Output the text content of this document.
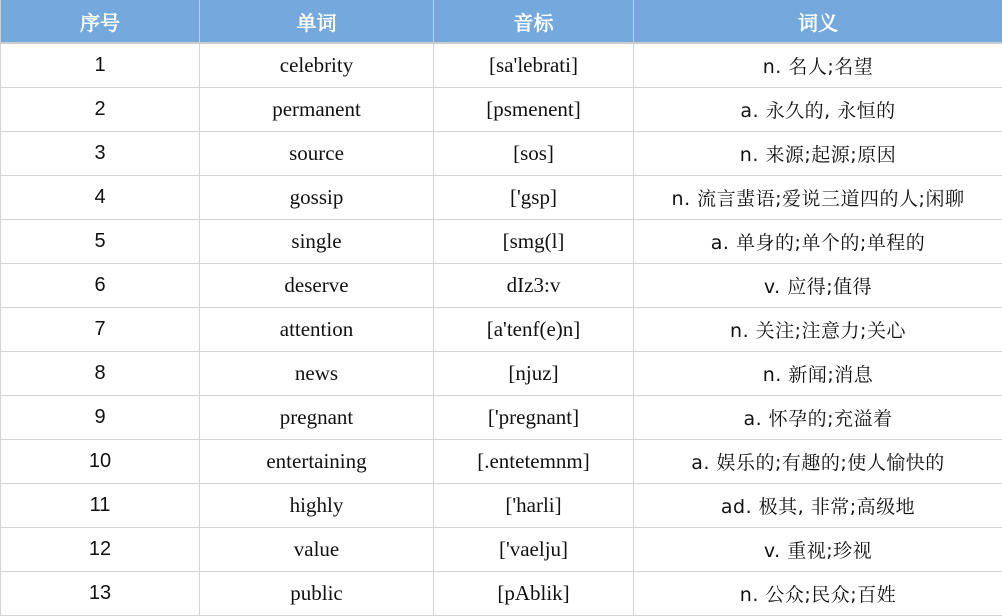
序号	单词	音标	词义
1	celebrity	[sa'lebrati]	n. 名人;名望
2	permanent	[psmenent]	a. 永久的, 永恒的
3	source	[sos]	n. 来源;起源;原因
4	gossip	['gsp]	n. 流言蜚语;爱说三道四的人;闲聊
5	single	[smg(l]	a. 单身的;单个的;单程的
6	deserve	dIz3:v	v. 应得;值得
7	attention	[a'tenf(e)n]	n. 关注;注意力;关心
8	news	[njuz]	n. 新闻;消息
9	pregnant	['pregnant]	a. 怀孕的;充溢着
10	entertaining	[.entetemnm]	a. 娱乐的;有趣的;使人愉快的
11	highly	['harli]	ad. 极其, 非常;高级地
12	value	['vaelju]	v. 重视;珍视
13	public	[pAblik]	n. 公众;民众;百姓
